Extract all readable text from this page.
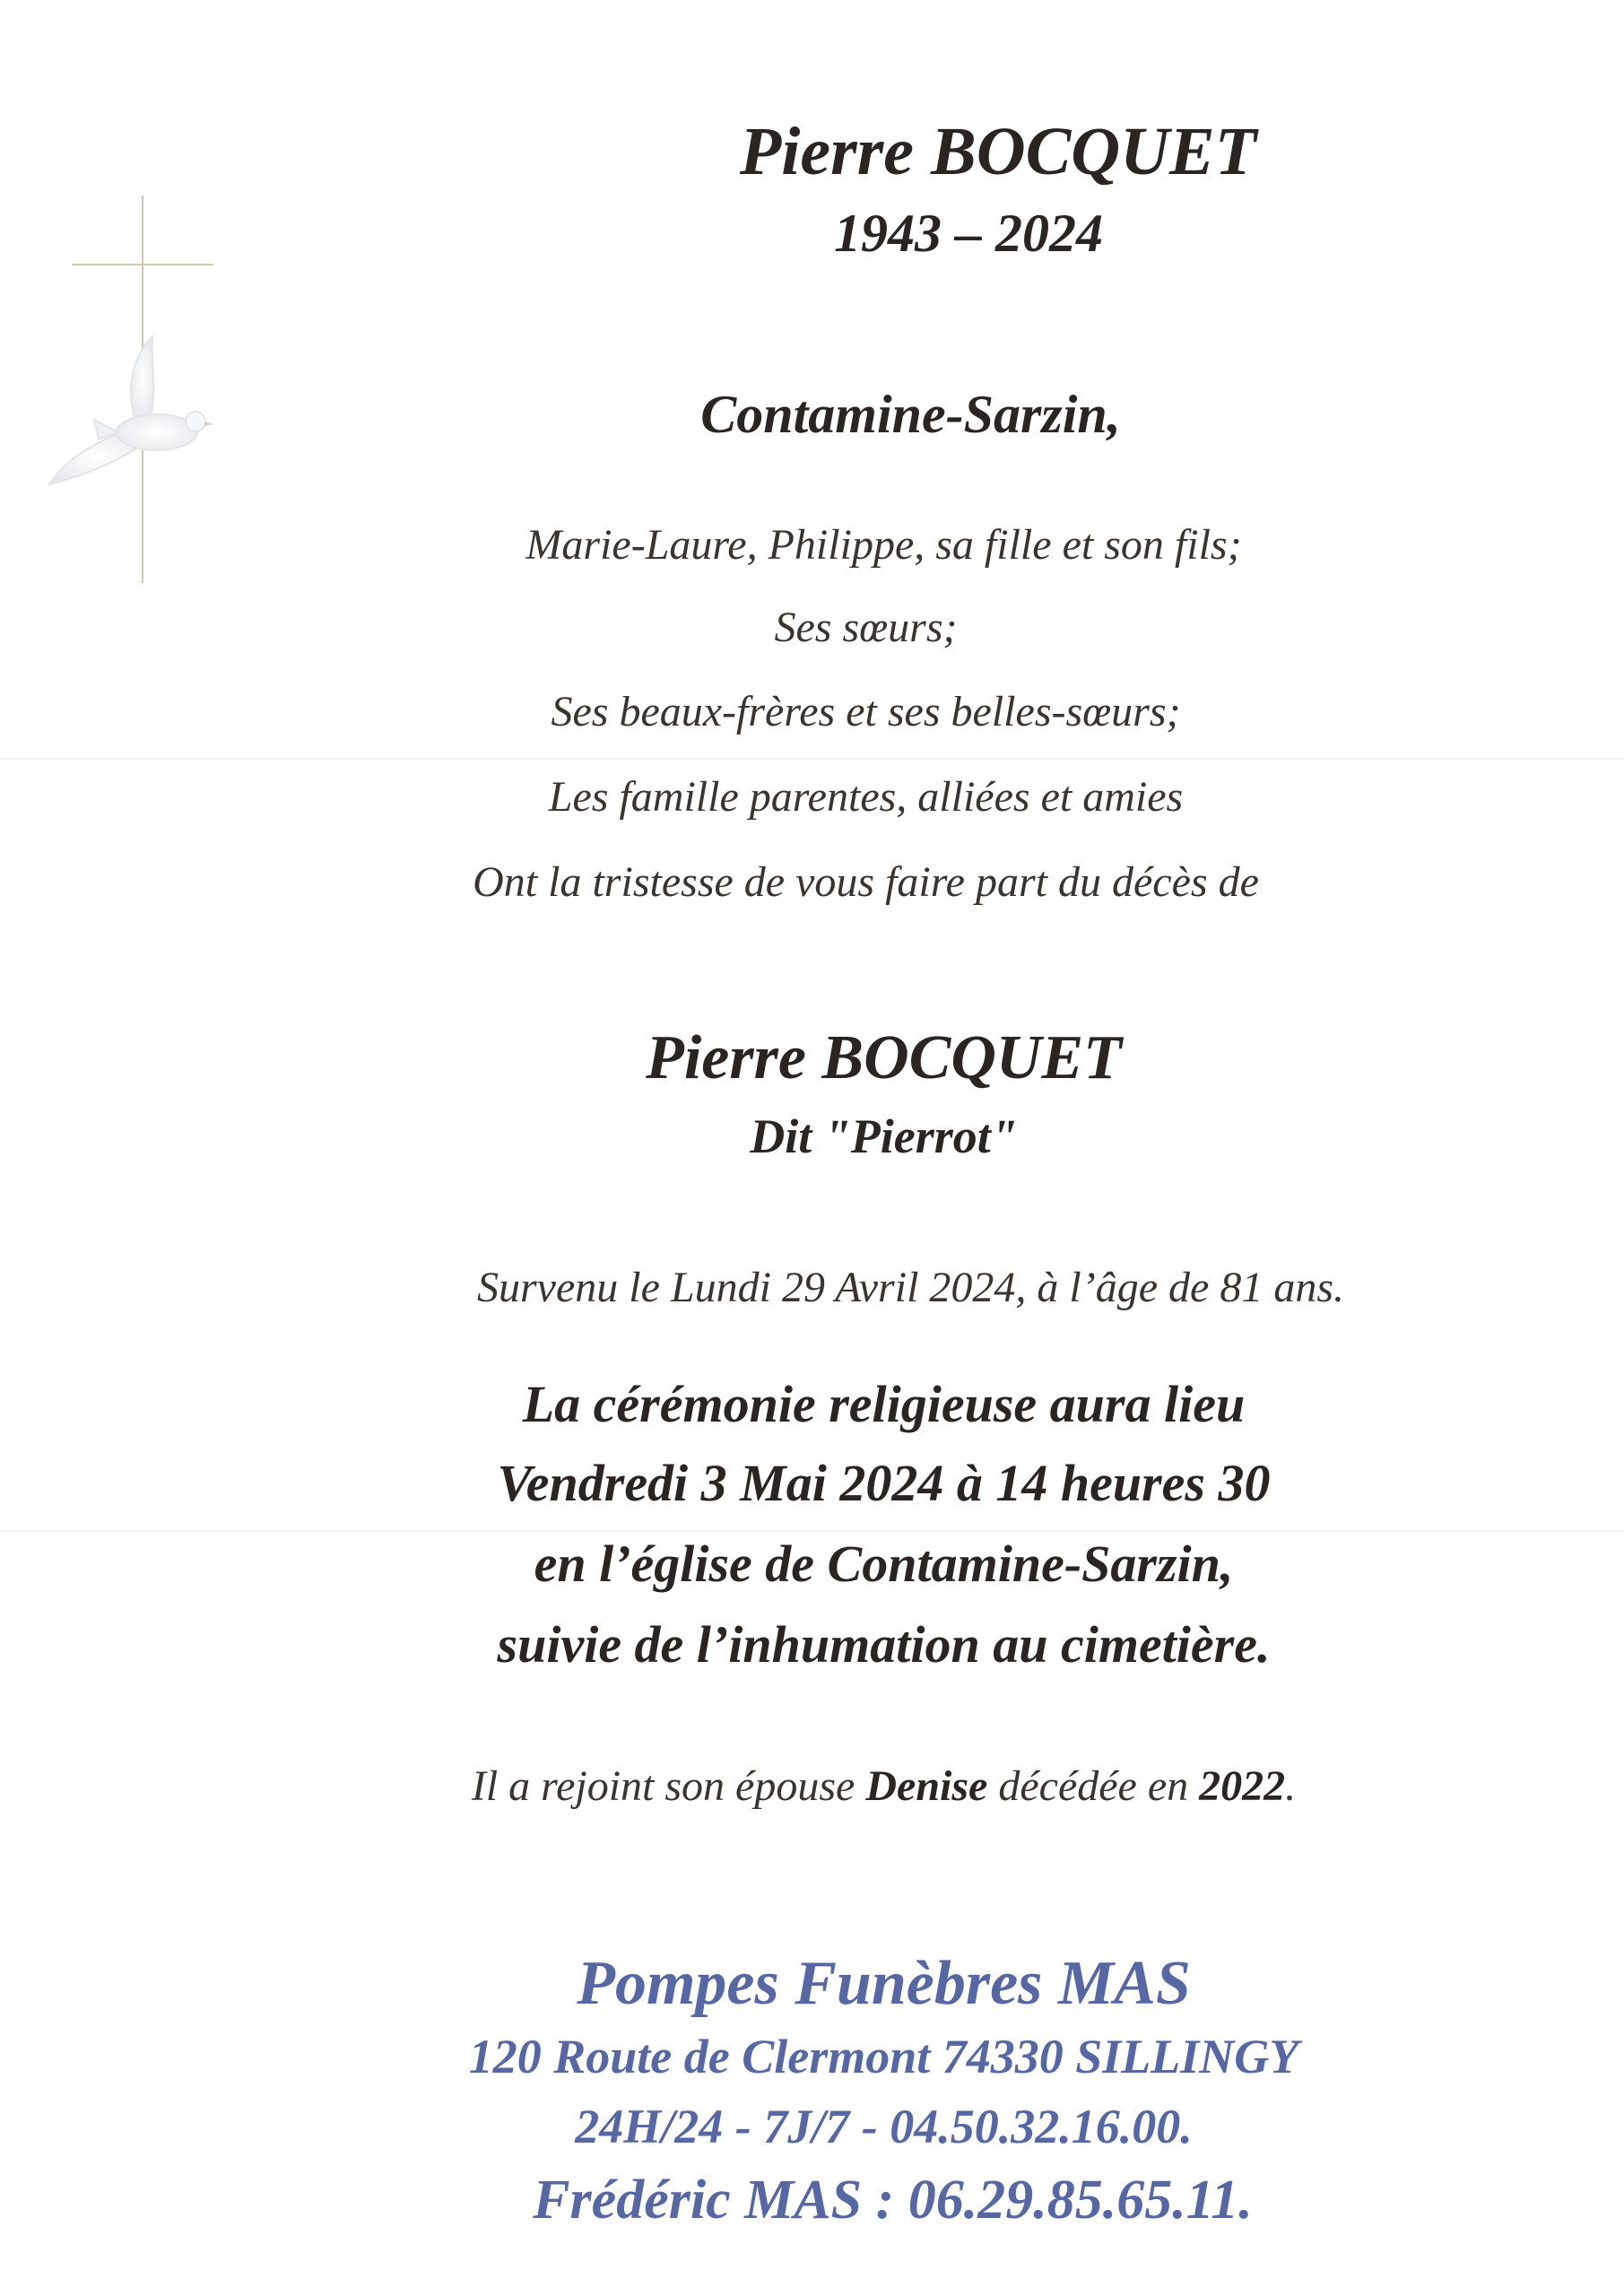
Pierre BOCQUET
1943 – 2024
Contamine-Sarzin,
Marie-Laure, Philippe, sa fille et son fils;
Ses sœurs;
Ses beaux-frères et ses belles-sœurs;
Les famille parentes, alliées et amies
Ont la tristesse de vous faire part du décès de
Pierre BOCQUET
Dit "Pierrot"
Survenu le Lundi 29 Avril 2024, à l’âge de 81 ans.
La cérémonie religieuse aura lieu
Vendredi 3 Mai 2024 à 14 heures 30
en l’église de Contamine-Sarzin,
suivie de l’inhumation au cimetière.
Il a rejoint son épouse Denise décédée en 2022.
Pompes Funèbres MAS
120 Route de Clermont 74330 SILLINGY
24H/24 - 7J/7 - 04.50.32.16.00.
Frédéric MAS : 06.29.85.65.11.
